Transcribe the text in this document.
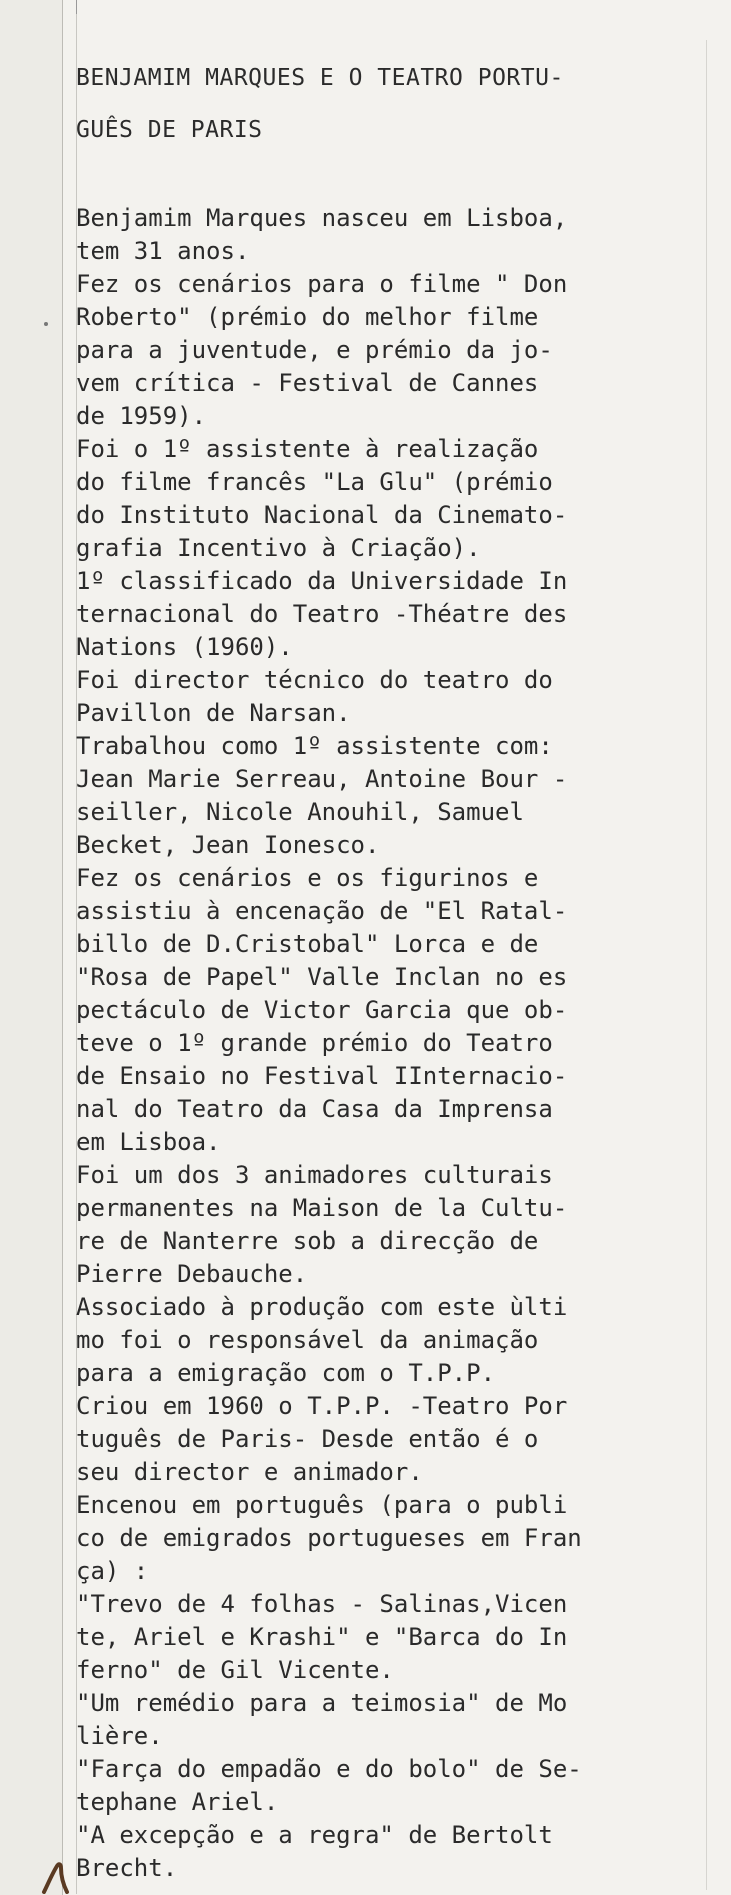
BENJAMIM MARQUES E O TEATRO PORTU-
GUÊS DE PARIS
Benjamim Marques nasceu em Lisboa,
tem 31 anos.
Fez os cenários para o filme " Don
Roberto" (prémio do melhor filme
para a juventude, e prémio da jo-
vem crítica - Festival de Cannes
de 1959).
Foi o 1º assistente à realização
do filme francês "La Glu" (prémio
do Instituto Nacional da Cinemato-
grafia Incentivo à Criação).
1º classificado da Universidade In
ternacional do Teatro -Théatre des
Nations (1960).
Foi director técnico do teatro do
Pavillon de Narsan.
Trabalhou como 1º assistente com:
Jean Marie Serreau, Antoine Bour -
seiller, Nicole Anouhil, Samuel
Becket, Jean Ionesco.
Fez os cenários e os figurinos e
assistiu à encenação de "El Ratal-
billo de D.Cristobal" Lorca e de
"Rosa de Papel" Valle Inclan no es
pectáculo de Victor Garcia que ob-
teve o 1º grande prémio do Teatro
de Ensaio no Festival IInternacio-
nal do Teatro da Casa da Imprensa
em Lisboa.
Foi um dos 3 animadores culturais
permanentes na Maison de la Cultu-
re de Nanterre sob a direcção de
Pierre Debauche.
Associado à produção com este ùlti
mo foi o responsável da animação
para a emigração com o T.P.P.
Criou em 1960 o T.P.P. -Teatro Por
tuguês de Paris- Desde então é o
seu director e animador.
Encenou em português (para o publi
co de emigrados portugueses em Fran
ça) :
"Trevo de 4 folhas - Salinas,Vicen
te, Ariel e Krashi" e "Barca do In
ferno" de Gil Vicente.
"Um remédio para a teimosia" de Mo
lière.
"Farça do empadão e do bolo" de Se-
tephane Ariel.
"A excepção e a regra" de Bertolt
Brecht.
